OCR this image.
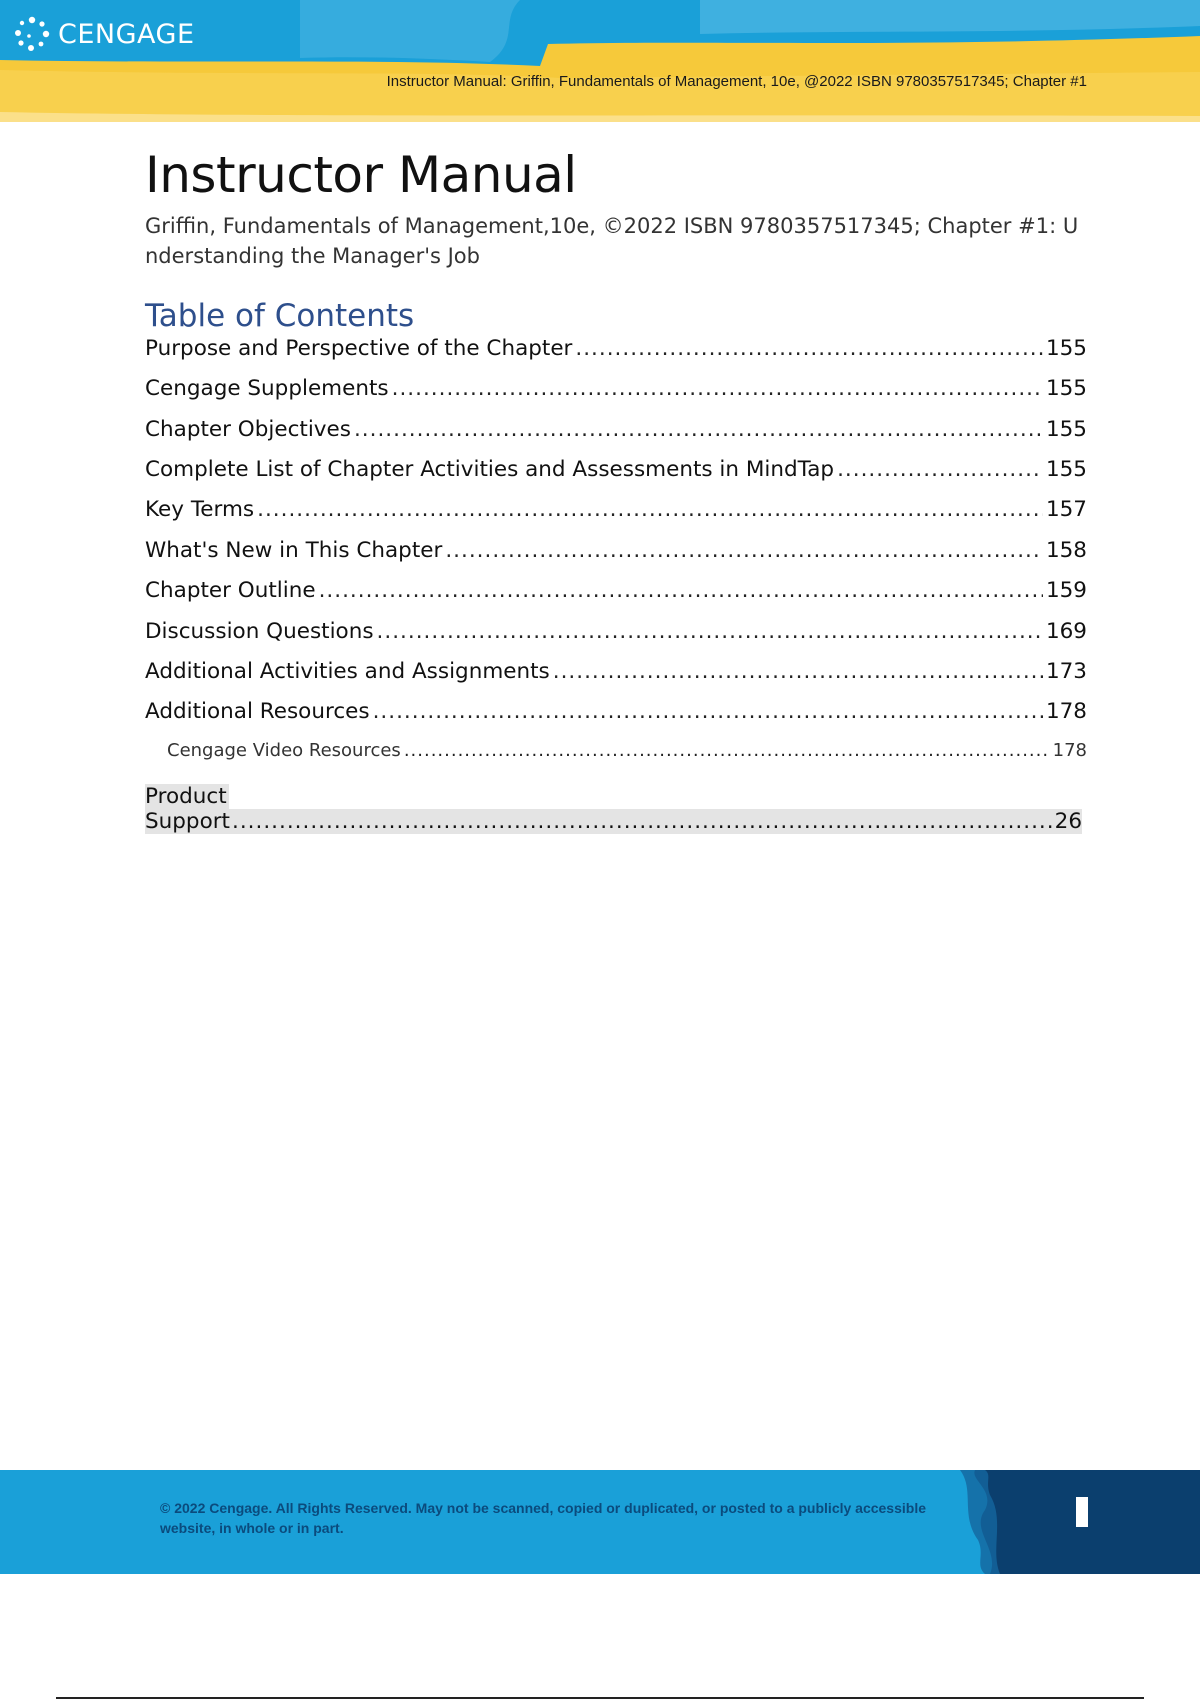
CENGAGE
Instructor Manual: Griffin, Fundamentals of Management, 10e, @2022 ISBN 9780357517345; Chapter #1
Instructor Manual
Griffin, Fundamentals of Management,10e, ©2022 ISBN 9780357517345; Chapter #1: Understanding the Manager's Job
Table of Contents
Purpose and Perspective of the Chapter .....	155
Cengage Supplements .....	155
Chapter Objectives .....	155
Complete List of Chapter Activities and Assessments in MindTap .....	155
Key Terms .....	157
What's New in This Chapter .....	158
Chapter Outline .....	159
Discussion Questions .....	169
Additional Activities and Assignments .....	173
Additional Resources .....	178
Cengage Video Resources .....	178
Product
Support .....	26
© 2022 Cengage. All Rights Reserved. May not be scanned, copied or duplicated, or posted to a publicly accessible website, in whole or in part.
